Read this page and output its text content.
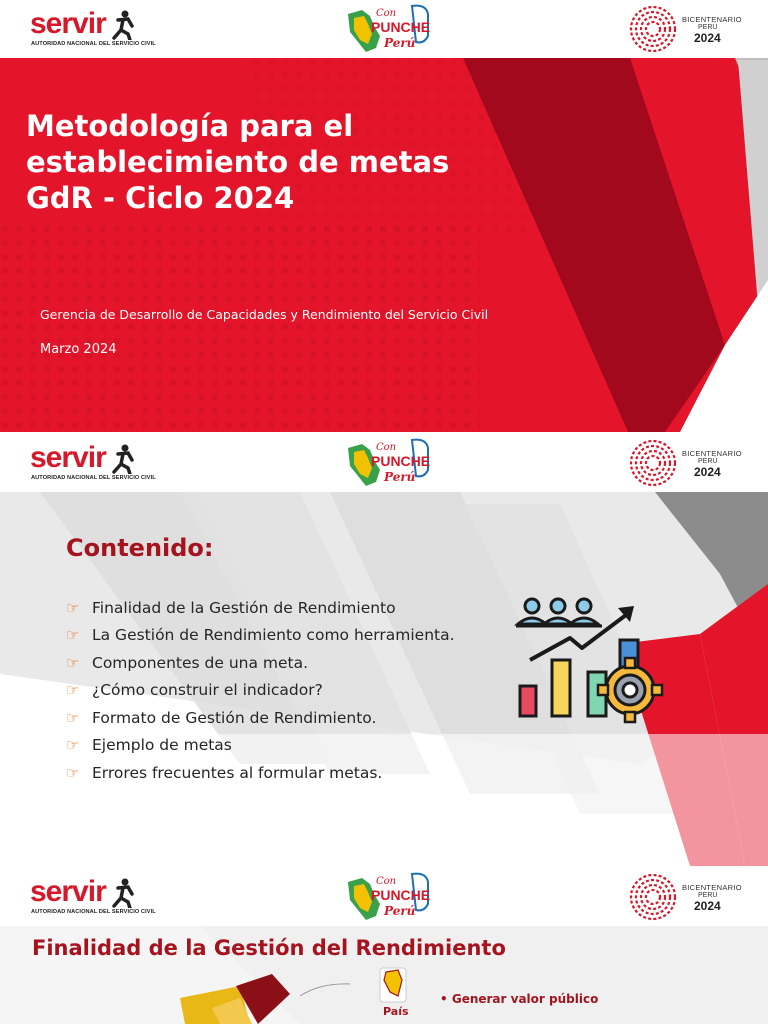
servir
AUTORIDAD NACIONAL DEL SERVICIO CIVIL
Con
PUNCHE
Perú
BICENTENARIO
PERÚ
2024
Metodología para el
establecimiento de metas
GdR - Ciclo 2024
Gerencia de Desarrollo de Capacidades y Rendimiento del Servicio Civil
Marzo 2024
servir
AUTORIDAD NACIONAL DEL SERVICIO CIVIL
Con
PUNCHE
Perú
BICENTENARIO
PERÚ
2024
Contenido:
☞ Finalidad de la Gestión de Rendimiento
☞ La Gestión de Rendimiento como herramienta.
☞ Componentes de una meta.
☞ ¿Cómo construir el indicador?
☞ Formato de Gestión de Rendimiento.
☞ Ejemplo de metas
☞ Errores frecuentes al formular metas.
servir
AUTORIDAD NACIONAL DEL SERVICIO CIVIL
Con
PUNCHE
Perú
BICENTENARIO
PERÚ
2024
Finalidad de la Gestión del Rendimiento
País
• Generar valor público
